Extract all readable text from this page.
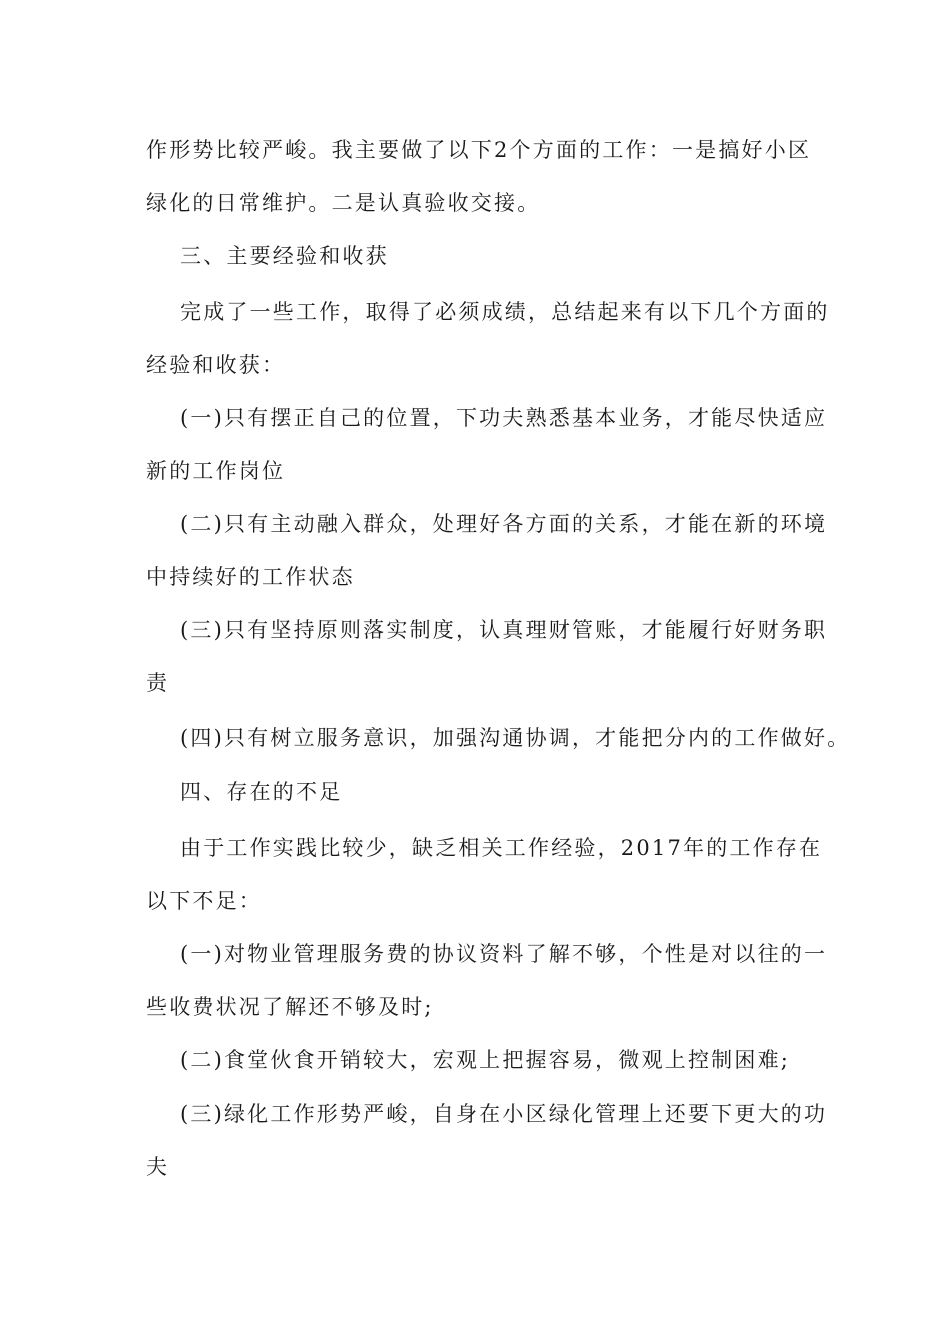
作形势比较严峻。我主要做了以下2个方面的工作：一是搞好小区
绿化的日常维护。二是认真验收交接。

三、主要经验和收获

完成了一些工作，取得了必须成绩，总结起来有以下几个方面的
经验和收获：

(一)只有摆正自己的位置，下功夫熟悉基本业务，才能尽快适应
新的工作岗位

(二)只有主动融入群众，处理好各方面的关系，才能在新的环境
中持续好的工作状态

(三)只有坚持原则落实制度，认真理财管账，才能履行好财务职
责

(四)只有树立服务意识，加强沟通协调，才能把分内的工作做好。

四、存在的不足

由于工作实践比较少，缺乏相关工作经验，2017年的工作存在
以下不足：

(一)对物业管理服务费的协议资料了解不够，个性是对以往的一
些收费状况了解还不够及时;

(二)食堂伙食开销较大，宏观上把握容易，微观上控制困难;

(三)绿化工作形势严峻，自身在小区绿化管理上还要下更大的功
夫
